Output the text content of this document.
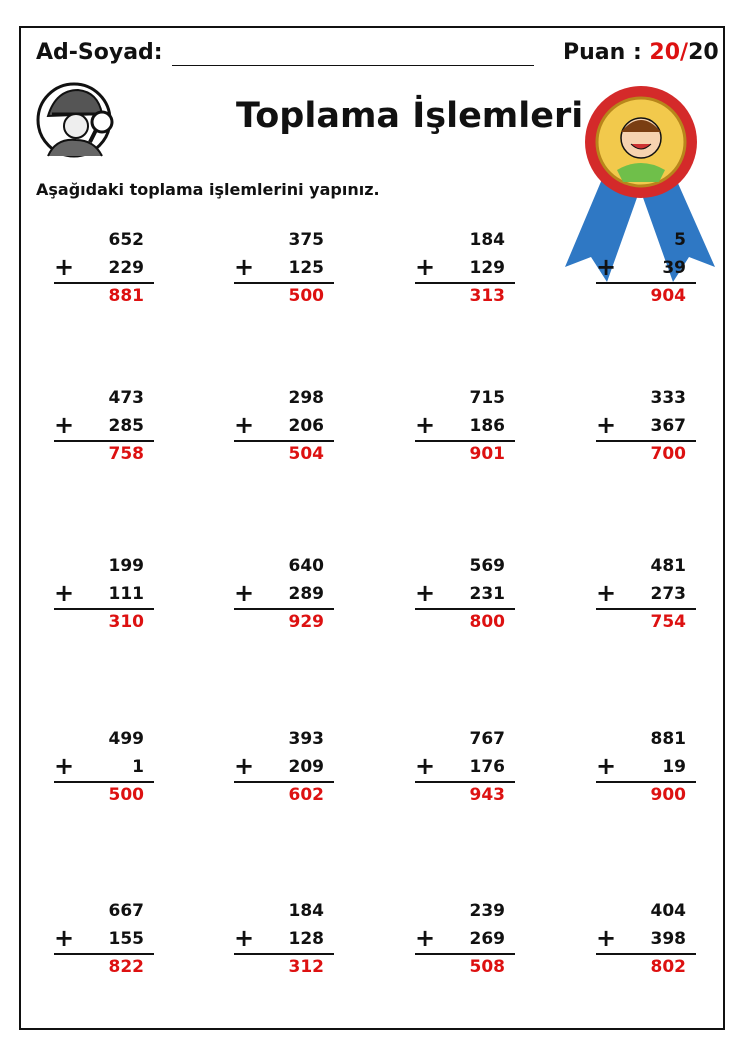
Ad-Soyad:	Puan : 20/20
Toplama İşlemleri
Aşağıdaki toplama işlemlerini yapınız.
652
+	229
881
375
+	125
500
184
+	129
313
5
+	39
904
473
+	285
758
298
+	206
504
715
+	186
901
333
+	367
700
199
+	111
310
640
+	289
929
569
+	231
800
481
+	273
754
499
+	1
500
393
+	209
602
767
+	176
943
881
+	19
900
667
+	155
822
184
+	128
312
239
+	269
508
404
+	398
802
